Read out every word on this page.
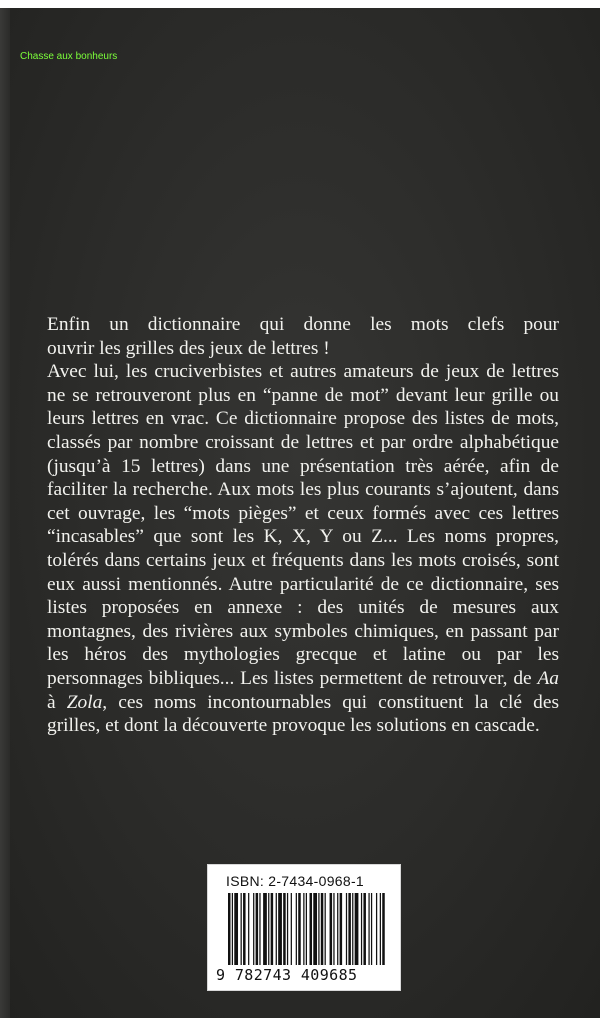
Chasse aux bonheurs

Enfin un dictionnaire qui donne les mots clefs pour

ouvrir les grilles des jeux de lettres !

Avec lui, les cruciverbistes et autres amateurs de jeux de lettres ne se retrouveront plus en “panne de mot” devant leur grille ou leurs lettres en vrac. Ce dictionnaire propose des listes de mots, classés par nombre croissant de lettres et par ordre alphabétique (jusqu’à 15 lettres) dans une présentation très aérée, afin de faciliter la recherche. Aux mots les plus courants s’ajoutent, dans cet ouvrage, les “mots pièges” et ceux formés avec ces lettres “incasables” que sont les K, X, Y ou Z... Les noms propres, tolérés dans certains jeux et fréquents dans les mots croisés, sont eux aussi mentionnés. Autre particularité de ce dictionnaire, ses listes proposées en annexe : des unités de mesures aux montagnes, des rivières aux symboles chimiques, en passant par les héros des mythologies grecque et latine ou par les personnages bibliques... Les listes permettent de retrouver, de Aa à Zola, ces noms incontournables qui constituent la clé des grilles, et dont la découverte provoque les solutions en cascade.

ISBN: 2-7434-0968-1
9 782743 409685
